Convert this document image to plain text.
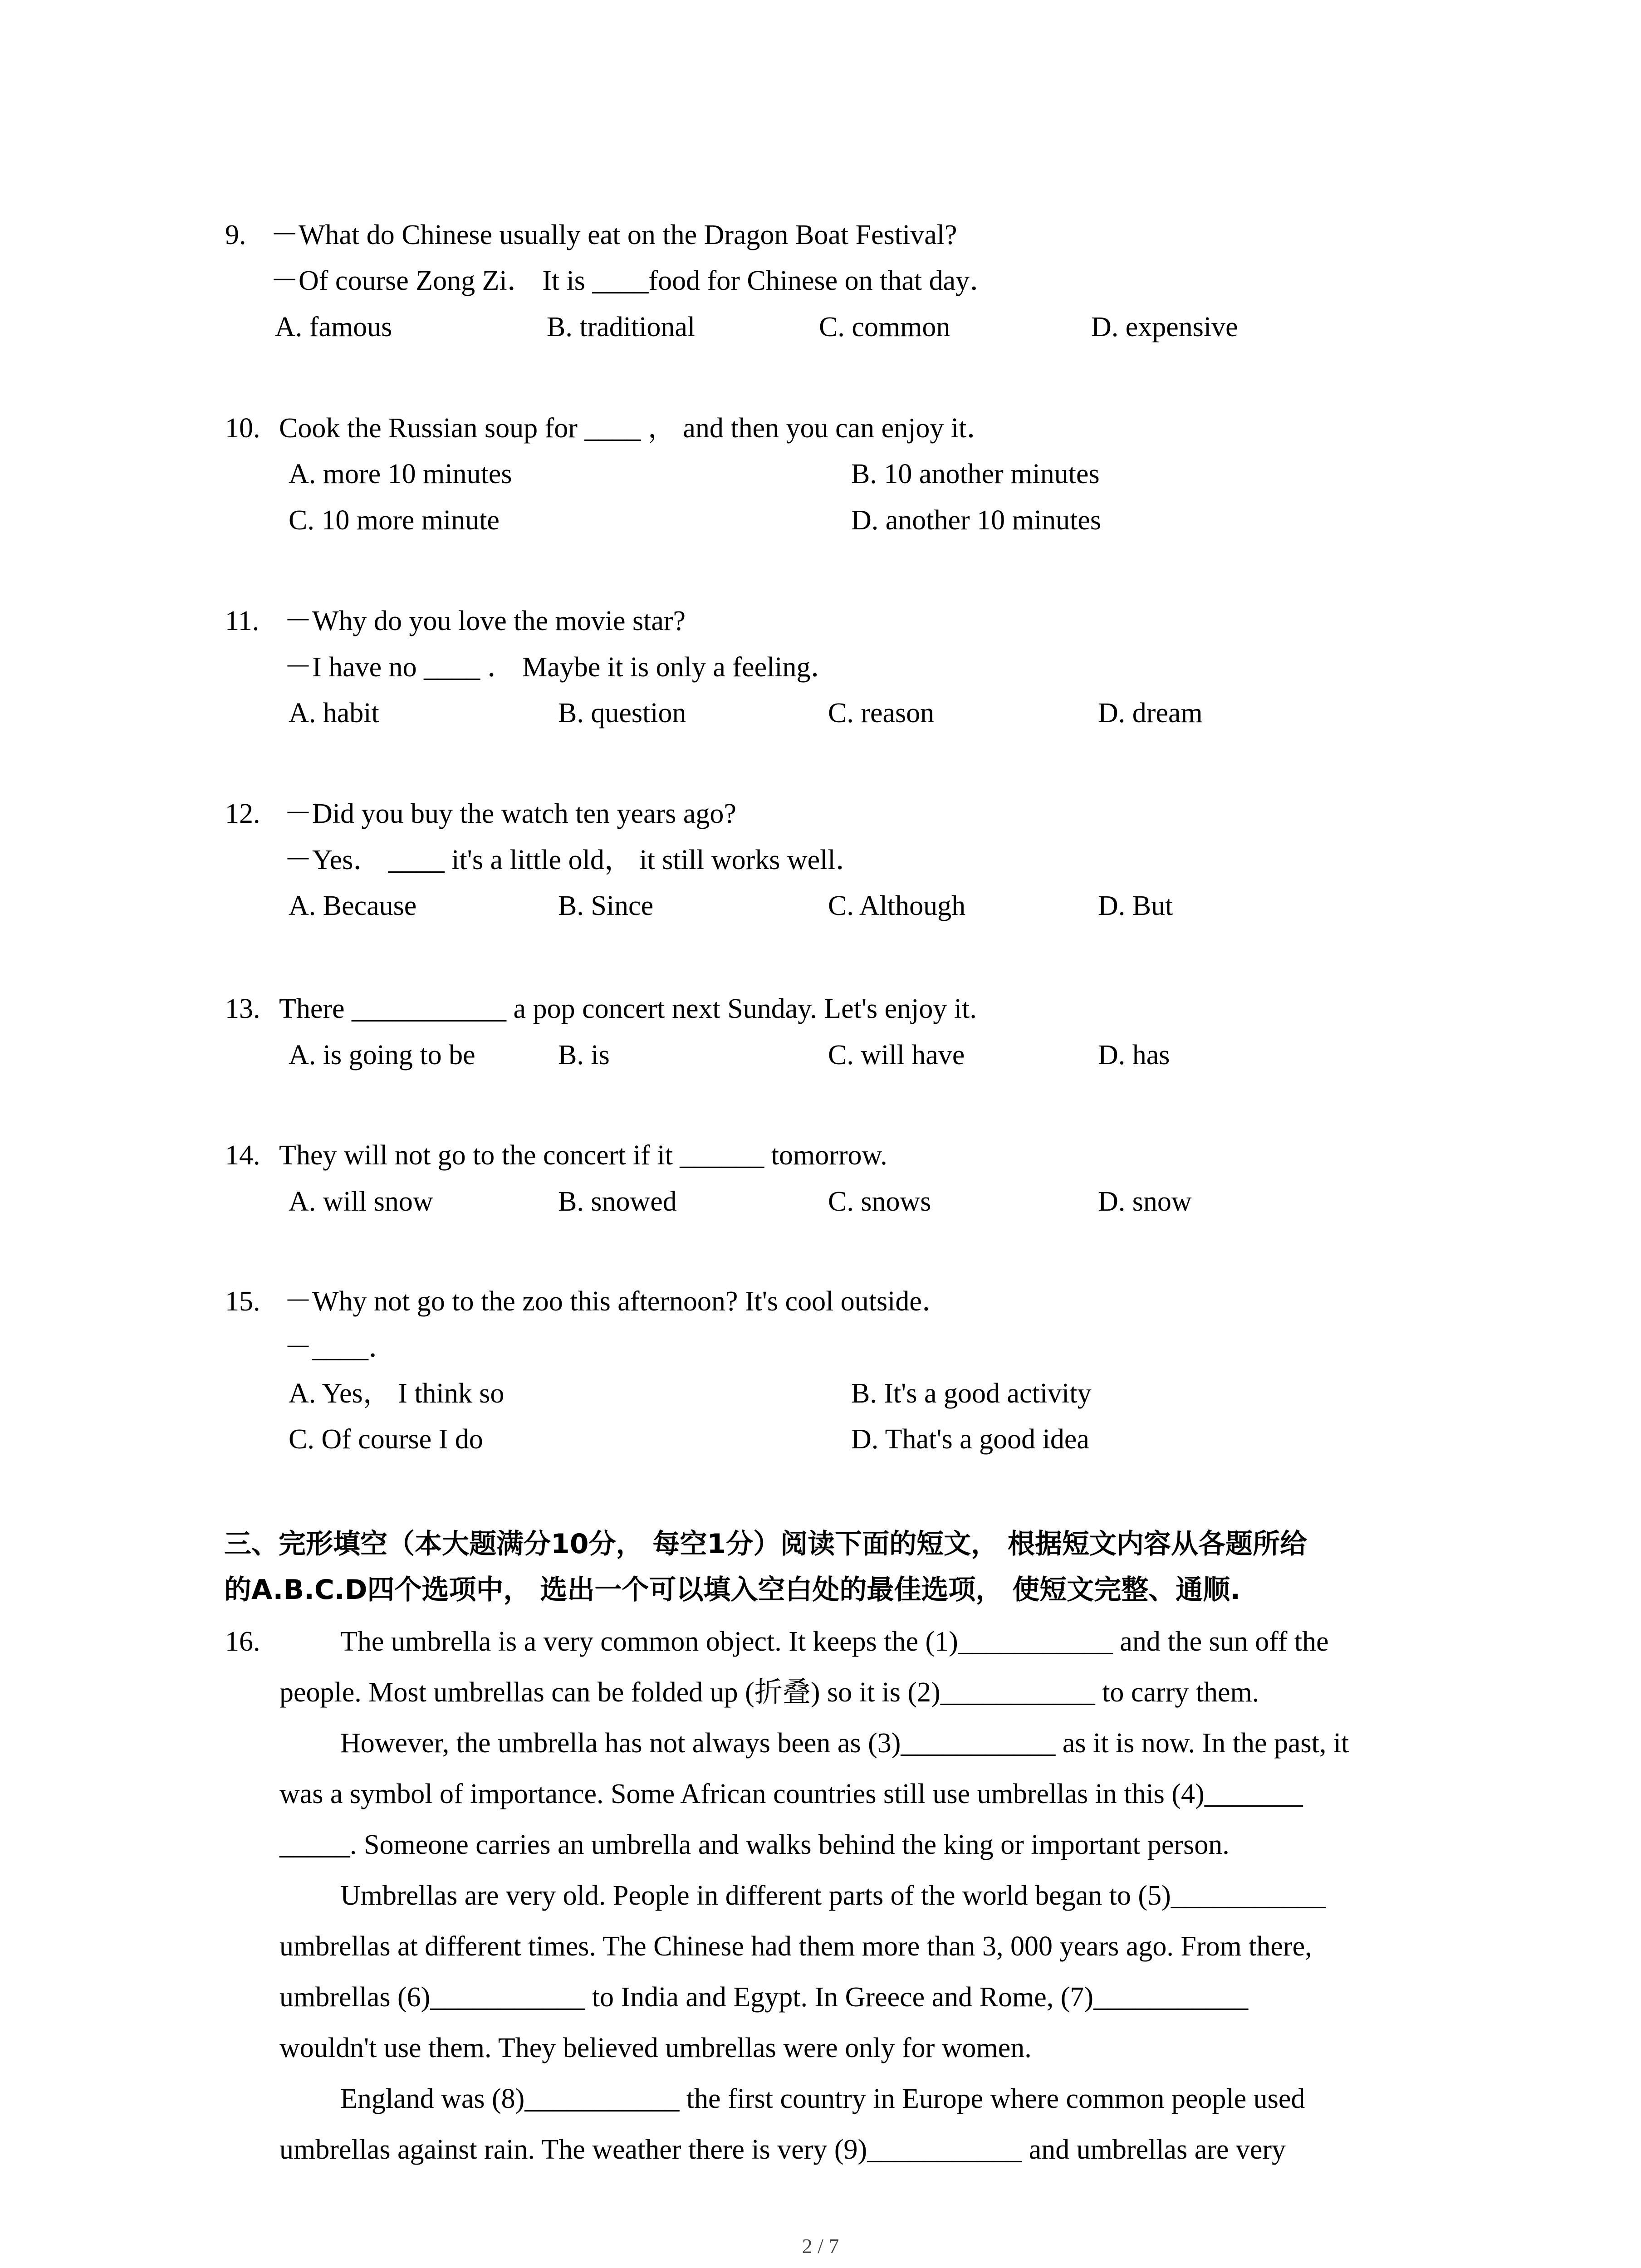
9. －What do Chinese usually eat on the Dragon Boat Festival?
－Of course Zong Zi． It is ____food for Chinese on that day．
A. famous	B. traditional	C. common	D. expensive
10. Cook the Russian soup for ____ ， and then you can enjoy it．
A. more 10 minutes	B. 10 another minutes
C. 10 more minute	D. another 10 minutes
11. －Why do you love the movie star?
－I have no ____ ． Maybe it is only a feeling．
A. habit	B. question	C. reason	D. dream
12. －Did you buy the watch ten years ago?
－Yes． ____ it's a little old， it still works well．
A. Because	B. Since	C. Although	D. But
13. There ___________ a pop concert next Sunday. Let's enjoy it.
A. is going to be	B. is	C. will have	D. has
14. They will not go to the concert if it ______ tomorrow.
A. will snow	B. snowed	C. snows	D. snow
15. －Why not go to the zoo this afternoon? It's cool outside．
－____．
A. Yes， I think so	B. It's a good activity
C. Of course I do	D. That's a good idea
三、完形填空（本大题满分10分， 每空1分）阅读下面的短文， 根据短文内容从各题所给
的A.B.C.D四个选项中， 选出一个可以填入空白处的最佳选项， 使短文完整、通顺.
16.	The umbrella is a very common object. It keeps the (1)___________ and the sun off the
people. Most umbrellas can be folded up (折叠) so it is (2)___________ to carry them.
However, the umbrella has not always been as (3)___________ as it is now. In the past, it
was a symbol of importance. Some African countries still use umbrellas in this (4)_______
_____. Someone carries an umbrella and walks behind the king or important person.
Umbrellas are very old. People in different parts of the world began to (5)___________
umbrellas at different times. The Chinese had them more than 3, 000 years ago. From there,
umbrellas (6)___________ to India and Egypt. In Greece and Rome, (7)___________
wouldn't use them. They believed umbrellas were only for women.
England was (8)___________ the first country in Europe where common people used
umbrellas against rain. The weather there is very (9)___________ and umbrellas are very
2 / 7
